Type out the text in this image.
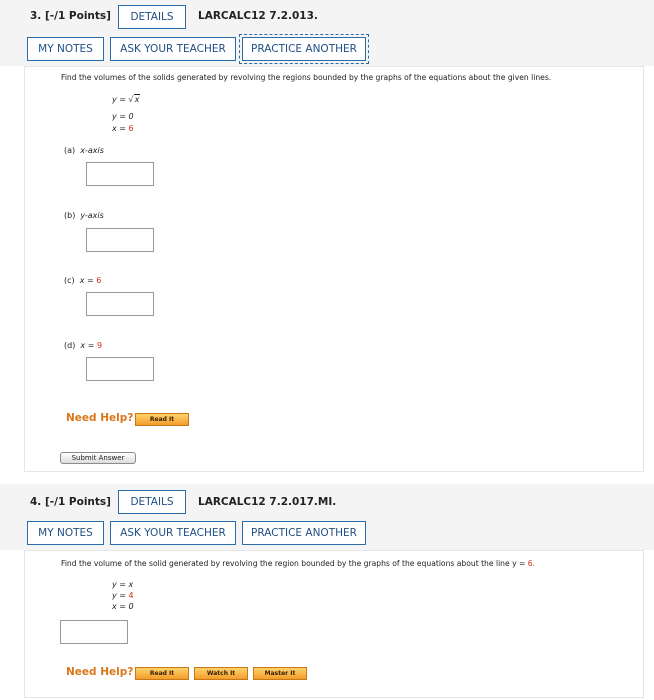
3. [-/1 Points]	DETAILS	LARCALC12 7.2.013.
MY NOTES	ASK YOUR TEACHER	PRACTICE ANOTHER
Find the volumes of the solids generated by revolving the regions bounded by the graphs of the equations about the given lines.
y = √x
y = 0
x = 6
(a) x-axis
(b) y-axis
(c) x = 6
(d) x = 9
Need Help?	Read It
Submit Answer
4. [-/1 Points]	DETAILS	LARCALC12 7.2.017.MI.
MY NOTES	ASK YOUR TEACHER	PRACTICE ANOTHER
Find the volume of the solid generated by revolving the region bounded by the graphs of the equations about the line y = 6.
y = x
y = 4
x = 0
Need Help?	Read It	Watch It	Master It
